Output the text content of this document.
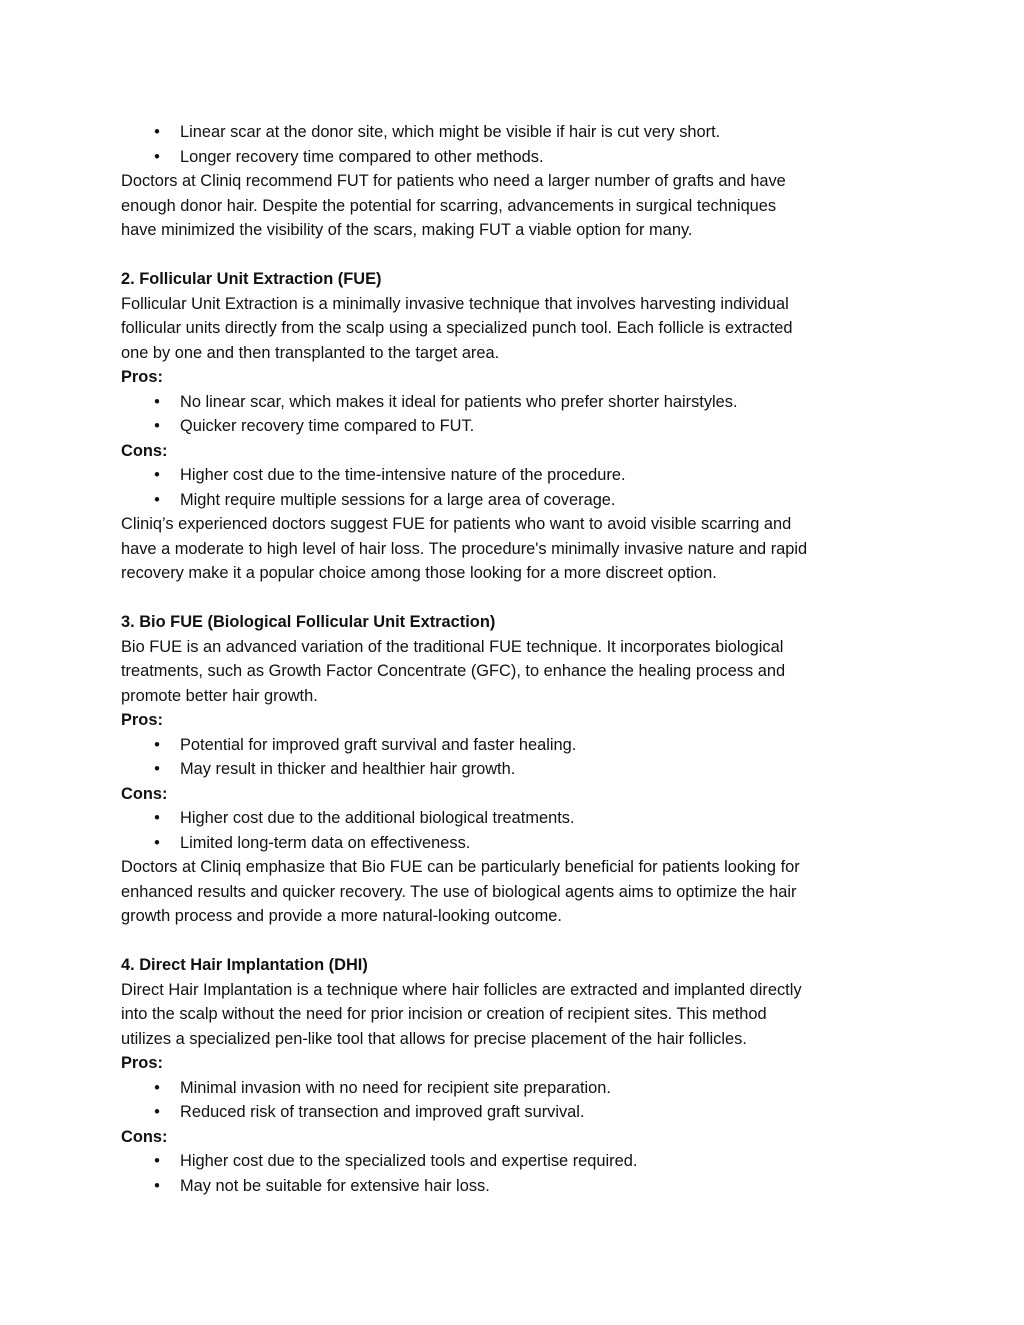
• Linear scar at the donor site, which might be visible if hair is cut very short.
• Longer recovery time compared to other methods.

Doctors at Cliniq recommend FUT for patients who need a larger number of grafts and have

enough donor hair. Despite the potential for scarring, advancements in surgical techniques

have minimized the visibility of the scars, making FUT a viable option for many.

2. Follicular Unit Extraction (FUE)

Follicular Unit Extraction is a minimally invasive technique that involves harvesting individual

follicular units directly from the scalp using a specialized punch tool. Each follicle is extracted

one by one and then transplanted to the target area.

Pros:

• No linear scar, which makes it ideal for patients who prefer shorter hairstyles.
• Quicker recovery time compared to FUT.

Cons:

• Higher cost due to the time-intensive nature of the procedure.
• Might require multiple sessions for a large area of coverage.

Cliniq’s experienced doctors suggest FUE for patients who want to avoid visible scarring and

have a moderate to high level of hair loss. The procedure's minimally invasive nature and rapid

recovery make it a popular choice among those looking for a more discreet option.

3. Bio FUE (Biological Follicular Unit Extraction)

Bio FUE is an advanced variation of the traditional FUE technique. It incorporates biological

treatments, such as Growth Factor Concentrate (GFC), to enhance the healing process and

promote better hair growth.

Pros:

• Potential for improved graft survival and faster healing.
• May result in thicker and healthier hair growth.

Cons:

• Higher cost due to the additional biological treatments.
• Limited long-term data on effectiveness.

Doctors at Cliniq emphasize that Bio FUE can be particularly beneficial for patients looking for

enhanced results and quicker recovery. The use of biological agents aims to optimize the hair

growth process and provide a more natural-looking outcome.

4. Direct Hair Implantation (DHI)

Direct Hair Implantation is a technique where hair follicles are extracted and implanted directly

into the scalp without the need for prior incision or creation of recipient sites. This method

utilizes a specialized pen-like tool that allows for precise placement of the hair follicles.

Pros:

• Minimal invasion with no need for recipient site preparation.
• Reduced risk of transection and improved graft survival.

Cons:

• Higher cost due to the specialized tools and expertise required.
• May not be suitable for extensive hair loss.
